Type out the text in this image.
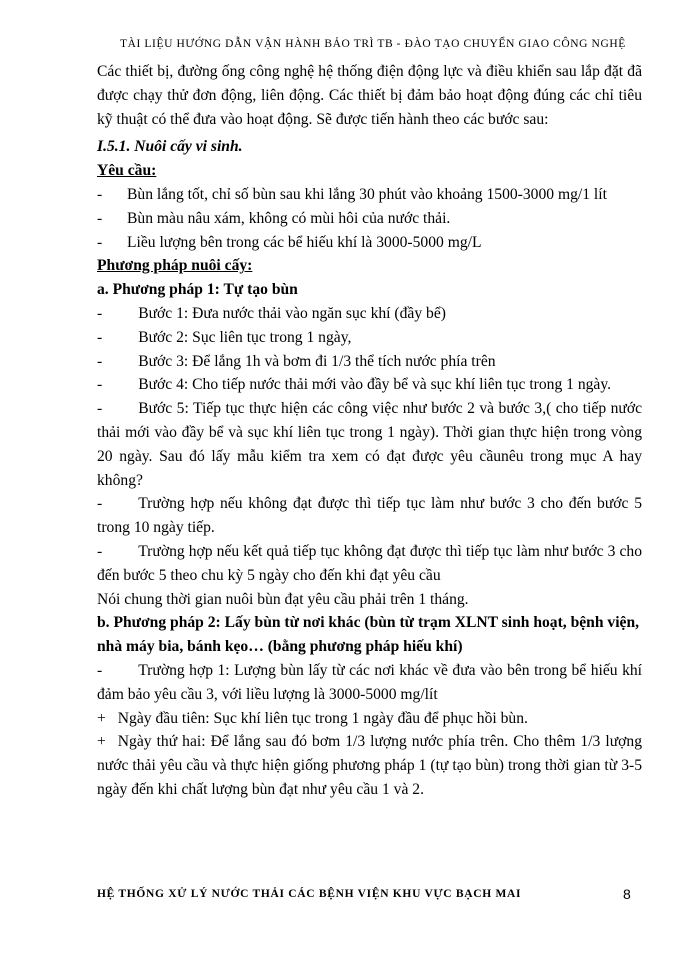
TÀI LIỆU HƯỚNG DẪN VẬN HÀNH BẢO TRÌ TB - ĐÀO TẠO CHUYỂN GIAO CÔNG NGHỆ
Các thiết bị, đường ống công nghệ hệ thống điện động lực và điều khiển sau lắp đặt đã được chạy thử đơn động, liên động. Các thiết bị đảm bảo hoạt động đúng các chỉ tiêu kỹ thuật có thể đưa vào hoạt động. Sẽ được tiến hành theo các bước sau:
I.5.1. Nuôi cấy vi sinh.
Yêu cầu:
-	Bùn lắng tốt, chỉ số bùn sau khi lắng 30 phút vào khoảng 1500-3000 mg/1 lít
-	Bùn màu nâu xám, không có mùi hôi của nước thải.
-	Liều lượng bên trong các bể hiếu khí là 3000-5000 mg/L
Phương pháp nuôi cấy:
a. Phương pháp 1: Tự tạo bùn
- Bước 1: Đưa nước thải vào ngăn sục khí (đầy bể)
- Bước 2: Sục liên tục trong 1 ngày,
- Bước 3: Để lắng 1h và bơm đi 1/3 thể tích nước phía trên
- Bước 4: Cho tiếp nước thải mới vào đầy bể và sục khí liên tục trong 1 ngày.
- Bước 5: Tiếp tục thực hiện các công việc như bước 2 và bước 3,( cho tiếp nước thải mới vào đầy bể và sục khí liên tục trong 1 ngày). Thời gian thực hiện trong vòng 20 ngày. Sau đó lấy mẫu kiểm tra xem có đạt được yêu cầunêu trong mục A hay không?
- Trường hợp nếu không đạt được thì tiếp tục làm như bước 3 cho đến bước 5 trong 10 ngày tiếp.
- Trường hợp nếu kết quả tiếp tục không đạt được thì tiếp tục làm như bước 3 cho đến bước 5 theo chu kỳ 5 ngày cho đến khi đạt yêu cầu
Nói chung thời gian nuôi bùn đạt yêu cầu phải trên 1 tháng.
b. Phương pháp 2: Lấy bùn từ nơi khác (bùn từ trạm XLNT sinh hoạt, bệnh viện, nhà máy bia, bánh kẹo… (bằng phương pháp hiếu khí)
- Trường hợp 1: Lượng bùn lấy từ các nơi khác về đưa vào bên trong bể hiếu khí đảm bảo yêu cầu 3, với liều lượng là 3000-5000 mg/lít
+ Ngày đầu tiên: Sục khí liên tục trong 1 ngày đầu để phục hồi bùn.
+ Ngày thứ hai: Để lắng sau đó bơm 1/3 lượng nước phía trên. Cho thêm 1/3 lượng nước thải yêu cầu và thực hiện giống phương pháp 1 (tự tạo bùn) trong thời gian từ 3-5 ngày đến khi chất lượng bùn đạt như yêu cầu 1 và 2.
HỆ THỐNG XỬ LÝ NƯỚC THẢI CÁC BỆNH VIỆN KHU VỰC BẠCH MAI	8
